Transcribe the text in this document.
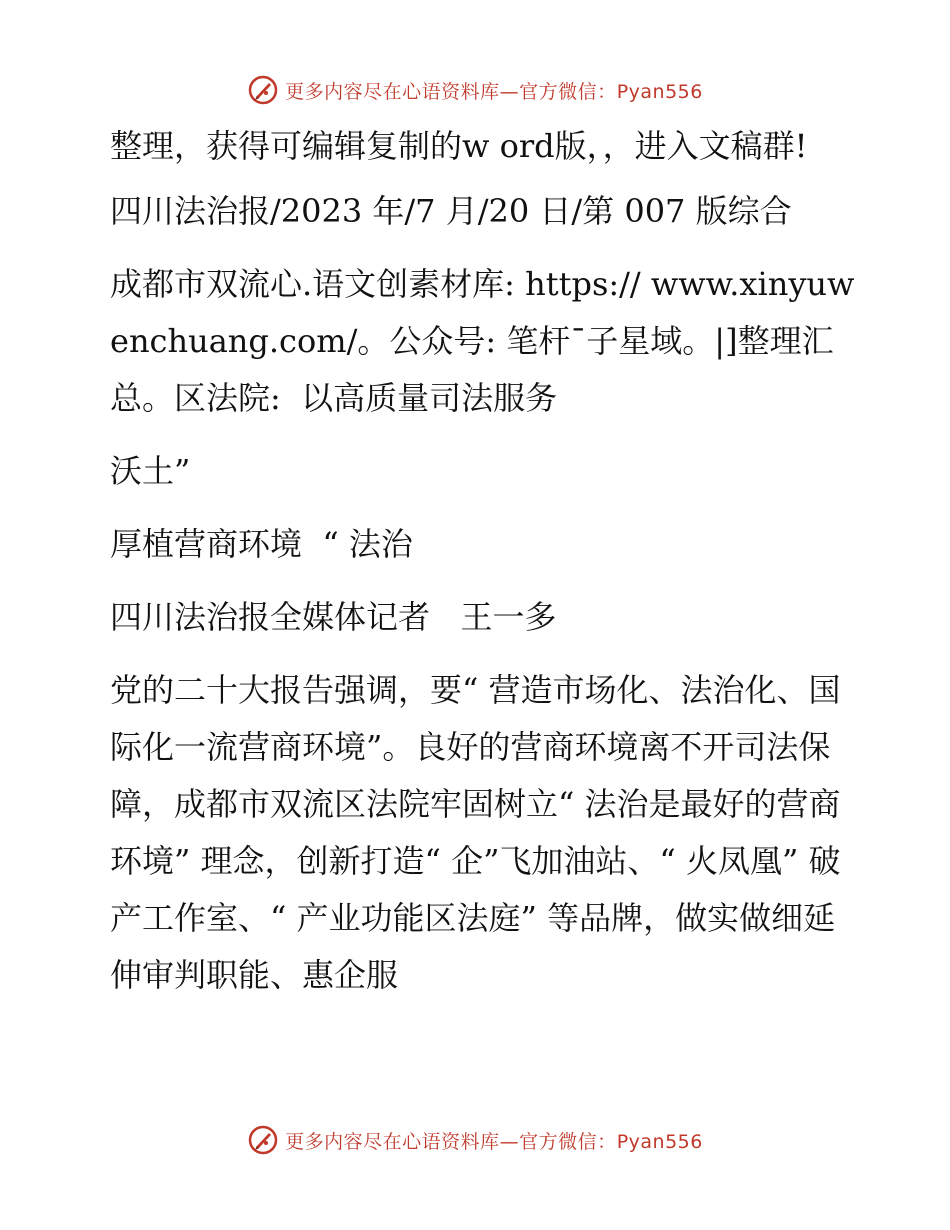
更多内容尽在心语资料库—官方微信：Pyan556

整理，获得可编辑复制的w ord版，，进入文稿群!

四川法治报/2023 年/7 月/20 日/第 007 版综合

成都市双流心.语文创素材库: https:// www.xinyuwenchuang.com/。公众号: 笔杆¯子星域。|]整理汇总。区法院:  以高质量司法服务

沃土”

厚植营商环境  “ 法治

四川法治报全媒体记者   王一多

党的二十大报告强调，要“ 营造市场化、法治化、国际化一流营商环境”。良好的营商环境离不开司法保障，成都市双流区法院牢固树立“ 法治是最好的营商环境” 理念，创新打造“ 企”飞加油站、“ 火凤凰” 破产工作室、“ 产业功能区法庭” 等品牌，做实做细延伸审判职能、惠企服

更多内容尽在心语资料库—官方微信：Pyan556
